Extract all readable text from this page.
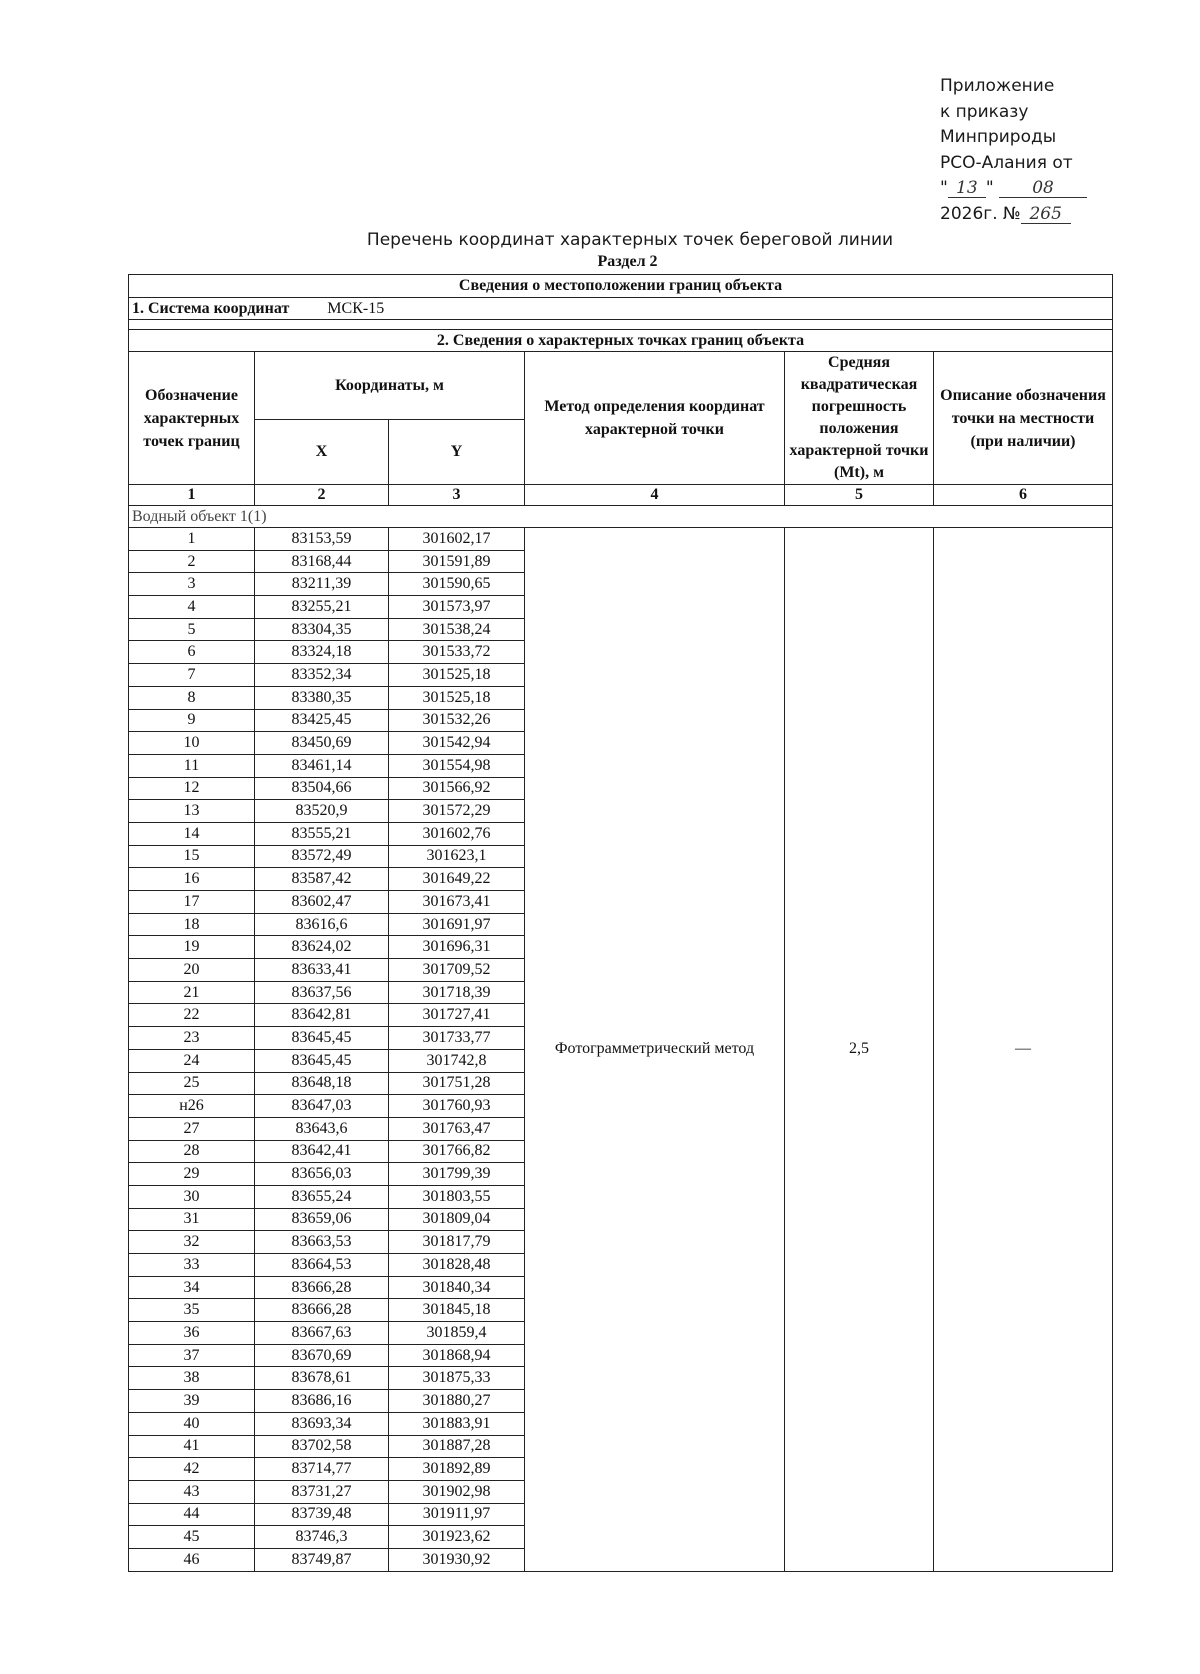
Приложение
к приказу
Минприроды
РСО-Алания от
" 13 " 08
2026г. № 265
Перечень координат характерных точек береговой линии
Раздел 2
Сведения о местоположении границ объекта					
1. Система координат МСК-15					

2. Сведения о характерных точках границ объекта					
Обозначение характерных точек границ	Координаты, м		Метод определения координат характерной точки	Средняя квадратическая погрешность положения характерной точки (Mt), м	Описание обозначения точки на местности (при наличии)
	X	Y			
1	2	3	4	5	6
Водный объект 1(1)					
1	83153,59	301602,17	Фотограмметрический метод	2,5	—
2	83168,44	301591,89			
3	83211,39	301590,65			
4	83255,21	301573,97			
5	83304,35	301538,24			
6	83324,18	301533,72			
7	83352,34	301525,18			
8	83380,35	301525,18			
9	83425,45	301532,26			
10	83450,69	301542,94			
11	83461,14	301554,98			
12	83504,66	301566,92			
13	83520,9	301572,29			
14	83555,21	301602,76			
15	83572,49	301623,1			
16	83587,42	301649,22			
17	83602,47	301673,41			
18	83616,6	301691,97			
19	83624,02	301696,31			
20	83633,41	301709,52			
21	83637,56	301718,39			
22	83642,81	301727,41			
23	83645,45	301733,77			
24	83645,45	301742,8			
25	83648,18	301751,28			
н26	83647,03	301760,93			
27	83643,6	301763,47			
28	83642,41	301766,82			
29	83656,03	301799,39			
30	83655,24	301803,55			
31	83659,06	301809,04			
32	83663,53	301817,79			
33	83664,53	301828,48			
34	83666,28	301840,34			
35	83666,28	301845,18			
36	83667,63	301859,4			
37	83670,69	301868,94			
38	83678,61	301875,33			
39	83686,16	301880,27			
40	83693,34	301883,91			
41	83702,58	301887,28			
42	83714,77	301892,89			
43	83731,27	301902,98			
44	83739,48	301911,97			
45	83746,3	301923,62			
46	83749,87	301930,92			
